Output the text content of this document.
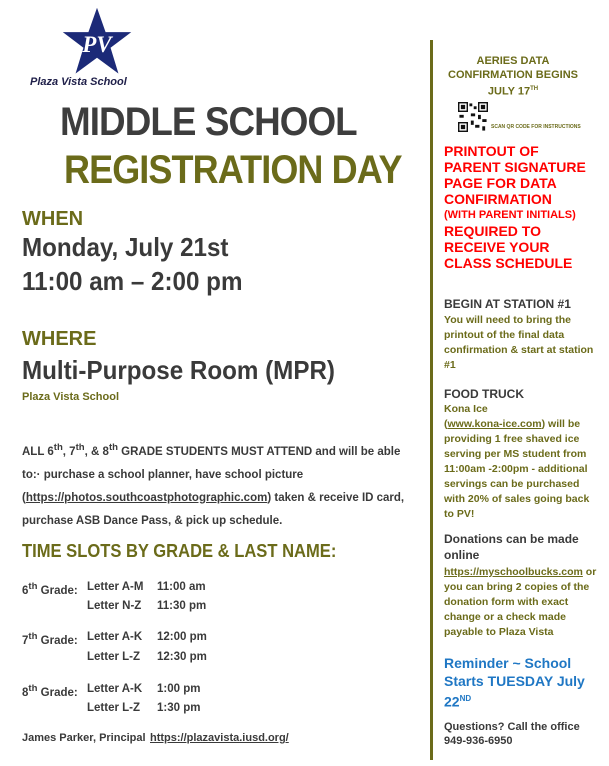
PV
Plaza Vista School
MIDDLE SCHOOL
REGISTRATION DAY
WHEN
Monday, July 21st
11:00 am – 2:00 pm
WHERE
Multi-Purpose Room (MPR)
Plaza Vista School
ALL 6th, 7th, & 8th GRADE STUDENTS MUST ATTEND and will be able to:· purchase a school planner, have school picture (https://photos.southcoastphotographic.com) taken & receive ID card, purchase ASB Dance Pass, & pick up schedule.
TIME SLOTS BY GRADE & LAST NAME:
6th Grade: Letter A-M 11:00 am
Letter N-Z 11:30 pm
7th Grade: Letter A-K 12:00 pm
Letter L-Z 12:30 pm
8th Grade: Letter A-K 1:00 pm
Letter L-Z 1:30 pm
James Parker, Principal https://plazavista.iusd.org/
AERIES DATA
CONFIRMATION BEGINS
JULY 17TH
SCAN QR CODE FOR INSTRUCTIONS
PRINTOUT OF PARENT SIGNATURE PAGE FOR DATA CONFIRMATION
(WITH PARENT INITIALS)
REQUIRED TO RECEIVE YOUR CLASS SCHEDULE
BEGIN AT STATION #1
You will need to bring the printout of the final data confirmation & start at station #1
FOOD TRUCK
Kona Ice
(www.kona-ice.com) will be providing 1 free shaved ice serving per MS student from 11:00am -2:00pm - additional servings can be purchased with 20% of sales going back to PV!
Donations can be made online
https://myschoolbucks.com or you can bring 2 copies of the donation form with exact change or a check made payable to Plaza Vista
Reminder ~ School Starts TUESDAY July 22ND
Questions? Call the office
949-936-6950
